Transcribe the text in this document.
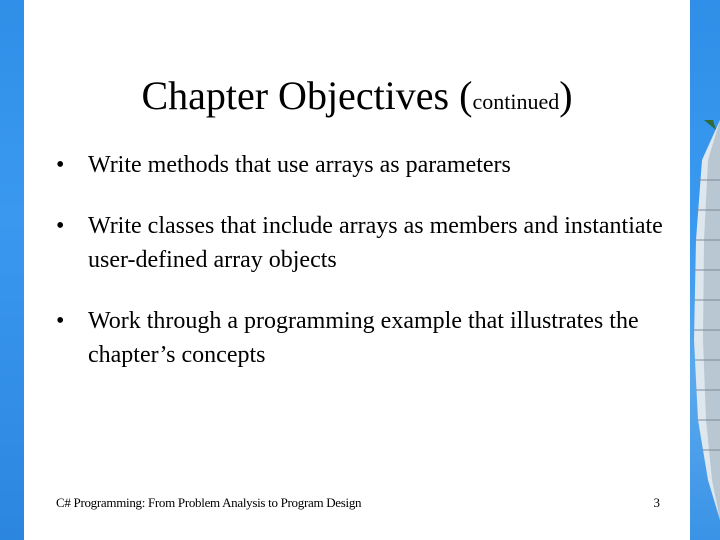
Chapter Objectives (continued)
• Write methods that use arrays as parameters
• Write classes that include arrays as members and instantiate user-defined array objects
• Work through a programming example that illustrates the chapter’s concepts
C# Programming: From Problem Analysis to Program Design	3
